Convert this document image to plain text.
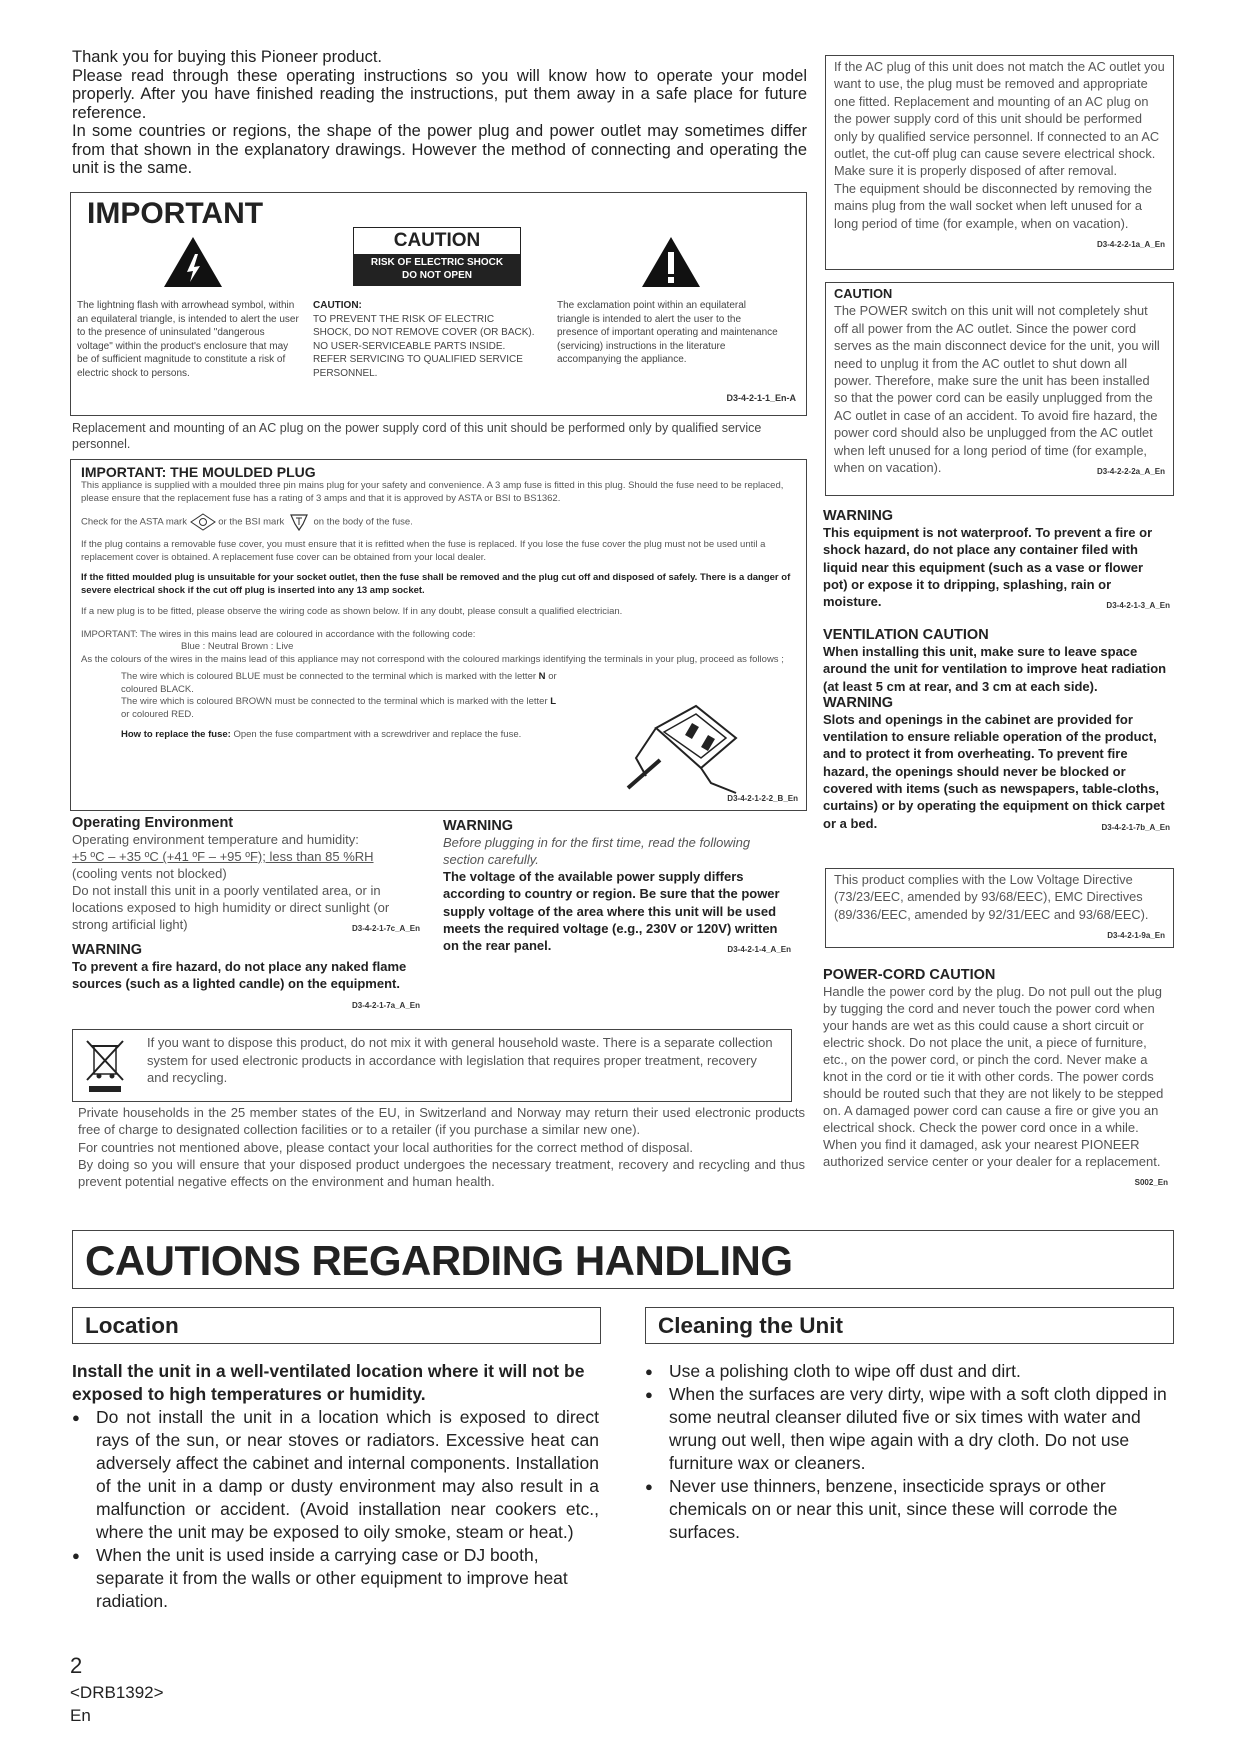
Thank you for buying this Pioneer product.

Please read through these operating instructions so you will know how to operate your model properly. After you have finished reading the instructions, put them away in a safe place for future reference.

In some countries or regions, the shape of the power plug and power outlet may sometimes differ from that shown in the explanatory drawings. However the method of connecting and operating the unit is the same.

IMPORTANT
CAUTION
RISK OF ELECTRIC SHOCK
DO NOT OPEN
The lightning flash with arrowhead symbol, within an equilateral triangle, is intended to alert the user to the presence of uninsulated "dangerous voltage" within the product's enclosure that may be of sufficient magnitude to constitute a risk of electric shock to persons.
CAUTION:
TO PREVENT THE RISK OF ELECTRIC SHOCK, DO NOT REMOVE COVER (OR BACK). NO USER-SERVICEABLE PARTS INSIDE. REFER SERVICING TO QUALIFIED SERVICE PERSONNEL.
The exclamation point within an equilateral triangle is intended to alert the user to the presence of important operating and maintenance (servicing) instructions in the literature accompanying the appliance.
D3-4-2-1-1_En-A
Replacement and mounting of an AC plug on the power supply cord of this unit should be performed only by qualified service personnel.
IMPORTANT: THE MOULDED PLUG
This appliance is supplied with a moulded three pin mains plug for your safety and convenience. A 3 amp fuse is fitted in this plug. Should the fuse need to be replaced, please ensure that the replacement fuse has a rating of 3 amps and that it is approved by ASTA or BSI to BS1362.
Check for the ASTA mark	or the BSI mark	on the body of the fuse.
If the plug contains a removable fuse cover, you must ensure that it is refitted when the fuse is replaced. If you lose the fuse cover the plug must not be used until a replacement cover is obtained. A replacement fuse cover can be obtained from your local dealer.
If the fitted moulded plug is unsuitable for your socket outlet, then the fuse shall be removed and the plug cut off and disposed of safely. There is a danger of severe electrical shock if the cut off plug is inserted into any 13 amp socket.
If a new plug is to be fitted, please observe the wiring code as shown below. If in any doubt, please consult a qualified electrician.
IMPORTANT: The wires in this mains lead are coloured in accordance with the following code:
Blue : Neutral Brown : Live
As the colours of the wires in the mains lead of this appliance may not correspond with the coloured markings identifying the terminals in your plug, proceed as follows ;
The wire which is coloured BLUE must be connected to the terminal which is marked with the letter N or coloured BLACK.
The wire which is coloured BROWN must be connected to the terminal which is marked with the letter L or coloured RED.
How to replace the fuse: Open the fuse compartment with a screwdriver and replace the fuse.
D3-4-2-1-2-2_B_En
Operating Environment
Operating environment temperature and humidity:
+5 ºC – +35 ºC (+41 ºF – +95 ºF); less than 85 %RH
(cooling vents not blocked)
Do not install this unit in a poorly ventilated area, or in locations exposed to high humidity or direct sunlight (or strong artificial light)	D3-4-2-1-7c_A_En
WARNING
To prevent a fire hazard, do not place any naked flame sources (such as a lighted candle) on the equipment.
D3-4-2-1-7a_A_En
WARNING
Before plugging in for the first time, read the following section carefully.
The voltage of the available power supply differs according to country or region. Be sure that the power supply voltage of the area where this unit will be used meets the required voltage (e.g., 230V or 120V) written on the rear panel.	D3-4-2-1-4_A_En
If you want to dispose this product, do not mix it with general household waste. There is a separate collection system for used electronic products in accordance with legislation that requires proper treatment, recovery and recycling.
Private households in the 25 member states of the EU, in Switzerland and Norway may return their used electronic products free of charge to designated collection facilities or to a retailer (if you purchase a similar new one).
For countries not mentioned above, please contact your local authorities for the correct method of disposal.
By doing so you will ensure that your disposed product undergoes the necessary treatment, recovery and recycling and thus prevent potential negative effects on the environment and human health.
If the AC plug of this unit does not match the AC outlet you want to use, the plug must be removed and appropriate one fitted. Replacement and mounting of an AC plug on the power supply cord of this unit should be performed only by qualified service personnel. If connected to an AC outlet, the cut-off plug can cause severe electrical shock. Make sure it is properly disposed of after removal.
The equipment should be disconnected by removing the mains plug from the wall socket when left unused for a long period of time (for example, when on vacation).
D3-4-2-2-1a_A_En
CAUTION
The POWER switch on this unit will not completely shut off all power from the AC outlet. Since the power cord serves as the main disconnect device for the unit, you will need to unplug it from the AC outlet to shut down all power. Therefore, make sure the unit has been installed so that the power cord can be easily unplugged from the AC outlet in case of an accident. To avoid fire hazard, the power cord should also be unplugged from the AC outlet when left unused for a long period of time (for example, when on vacation).	D3-4-2-2-2a_A_En
WARNING
This equipment is not waterproof. To prevent a fire or shock hazard, do not place any container filed with liquid near this equipment (such as a vase or flower pot) or expose it to dripping, splashing, rain or moisture.	D3-4-2-1-3_A_En
VENTILATION CAUTION
When installing this unit, make sure to leave space around the unit for ventilation to improve heat radiation (at least 5 cm at rear, and 3 cm at each side).
WARNING
Slots and openings in the cabinet are provided for ventilation to ensure reliable operation of the product, and to protect it from overheating. To prevent fire hazard, the openings should never be blocked or covered with items (such as newspapers, table-cloths, curtains) or by operating the equipment on thick carpet or a bed.	D3-4-2-1-7b_A_En
This product complies with the Low Voltage Directive (73/23/EEC, amended by 93/68/EEC), EMC Directives (89/336/EEC, amended by 92/31/EEC and 93/68/EEC).
D3-4-2-1-9a_En
POWER-CORD CAUTION
Handle the power cord by the plug. Do not pull out the plug by tugging the cord and never touch the power cord when your hands are wet as this could cause a short circuit or electric shock. Do not place the unit, a piece of furniture, etc., on the power cord, or pinch the cord. Never make a knot in the cord or tie it with other cords. The power cords should be routed such that they are not likely to be stepped on. A damaged power cord can cause a fire or give you an electrical shock. Check the power cord once in a while. When you find it damaged, ask your nearest PIONEER authorized service center or your dealer for a replacement.
S002_En
CAUTIONS REGARDING HANDLING
Location	Cleaning the Unit
Install the unit in a well-ventilated location where it will not be exposed to high temperatures or humidity.
● Do not install the unit in a location which is exposed to direct rays of the sun, or near stoves or radiators. Excessive heat can adversely affect the cabinet and internal components. Installation of the unit in a damp or dusty environment may also result in a malfunction or accident. (Avoid installation near cookers etc., where the unit may be exposed to oily smoke, steam or heat.)
● When the unit is used inside a carrying case or DJ booth, separate it from the walls or other equipment to improve heat radiation.
● Use a polishing cloth to wipe off dust and dirt.
● When the surfaces are very dirty, wipe with a soft cloth dipped in some neutral cleanser diluted five or six times with water and wrung out well, then wipe again with a dry cloth. Do not use furniture wax or cleaners.
● Never use thinners, benzene, insecticide sprays or other chemicals on or near this unit, since these will corrode the surfaces.
2
<DRB1392>
En
